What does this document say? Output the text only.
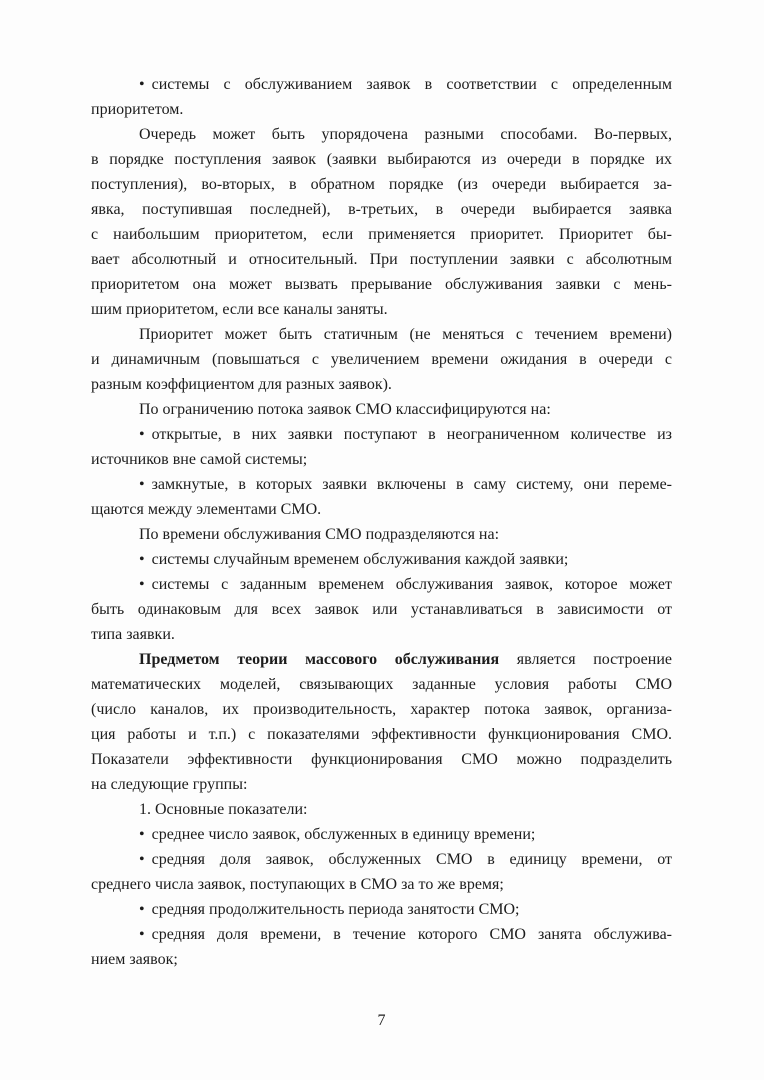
• системы с обслуживанием заявок в соответствии с определенным
приоритетом.
Очередь может быть упорядочена разными способами. Во-первых,
в порядке поступления заявок (заявки выбираются из очереди в порядке их
поступления), во-вторых, в обратном порядке (из очереди выбирается за-
явка, поступившая последней), в-третьих, в очереди выбирается заявка
с наибольшим приоритетом, если применяется приоритет. Приоритет бы-
вает абсолютный и относительный. При поступлении заявки с абсолютным
приоритетом она может вызвать прерывание обслуживания заявки с мень-
шим приоритетом, если все каналы заняты.
Приоритет может быть статичным (не меняться с течением времени)
и динамичным (повышаться с увеличением времени ожидания в очереди с
разным коэффициентом для разных заявок).
По ограничению потока заявок СМО классифицируются на:
• открытые, в них заявки поступают в неограниченном количестве из
источников вне самой системы;
• замкнутые, в которых заявки включены в саму систему, они переме-
щаются между элементами СМО.
По времени обслуживания СМО подразделяются на:
• системы случайным временем обслуживания каждой заявки;
• системы с заданным временем обслуживания заявок, которое может
быть одинаковым для всех заявок или устанавливаться в зависимости от
типа заявки.
Предметом теории массового обслуживания является построение
математических моделей, связывающих заданные условия работы СМО
(число каналов, их производительность, характер потока заявок, организа-
ция работы и т.п.) с показателями эффективности функционирования СМО.
Показатели эффективности функционирования СМО можно подразделить
на следующие группы:
1. Основные показатели:
• среднее число заявок, обслуженных в единицу времени;
• средняя доля заявок, обслуженных СМО в единицу времени, от
среднего числа заявок, поступающих в СМО за то же время;
• средняя продолжительность периода занятости СМО;
• средняя доля времени, в течение которого СМО занята обслужива-
нием заявок;
7
